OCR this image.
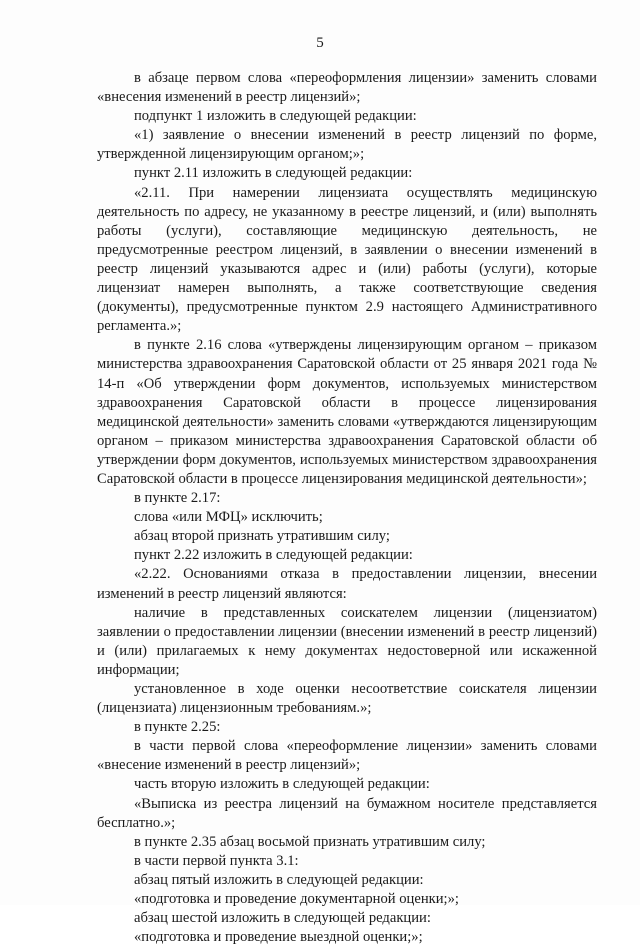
5

в абзаце первом слова «переоформления лицензии» заменить словами «внесения изменений в реестр лицензий»;

подпункт 1 изложить в следующей редакции:

«1) заявление о внесении изменений в реестр лицензий по форме, утвержденной лицензирующим органом;»;

пункт 2.11 изложить в следующей редакции:

«2.11. При намерении лицензиата осуществлять медицинскую деятельность по адресу, не указанному в реестре лицензий, и (или) выполнять работы (услуги), составляющие медицинскую деятельность, не предусмотренные реестром лицензий, в заявлении о внесении изменений в реестр лицензий указываются адрес и (или) работы (услуги), которые лицензиат намерен выполнять, а также соответствующие сведения (документы), предусмотренные пунктом 2.9 настоящего Административного регламента.»;

в пункте 2.16 слова «утверждены лицензирующим органом – приказом министерства здравоохранения Саратовской области от 25 января 2021 года № 14-п «Об утверждении форм документов, используемых министерством здравоохранения Саратовской области в процессе лицензирования медицинской деятельности» заменить словами «утверждаются лицензирующим органом – приказом министерства здравоохранения Саратовской области об утверждении форм документов, используемых министерством здравоохранения Саратовской области в процессе лицензирования медицинской деятельности»;

в пункте 2.17:

слова «или МФЦ» исключить;

абзац второй признать утратившим силу;

пункт 2.22 изложить в следующей редакции:

«2.22. Основаниями отказа в предоставлении лицензии, внесении изменений в реестр лицензий являются:

наличие в представленных соискателем лицензии (лицензиатом) заявлении о предоставлении лицензии (внесении изменений в реестр лицензий) и (или) прилагаемых к нему документах недостоверной или искаженной информации;

установленное в ходе оценки несоответствие соискателя лицензии (лицензиата) лицензионным требованиям.»;

в пункте 2.25:

в части первой слова «переоформление лицензии» заменить словами «внесение изменений в реестр лицензий»;

часть вторую изложить в следующей редакции:

«Выписка из реестра лицензий на бумажном носителе представляется бесплатно.»;

в пункте 2.35 абзац восьмой признать утратившим силу;

в части первой пункта 3.1:

абзац пятый изложить в следующей редакции:

«подготовка и проведение документарной оценки;»;

абзац шестой изложить в следующей редакции:

«подготовка и проведение выездной оценки;»;
